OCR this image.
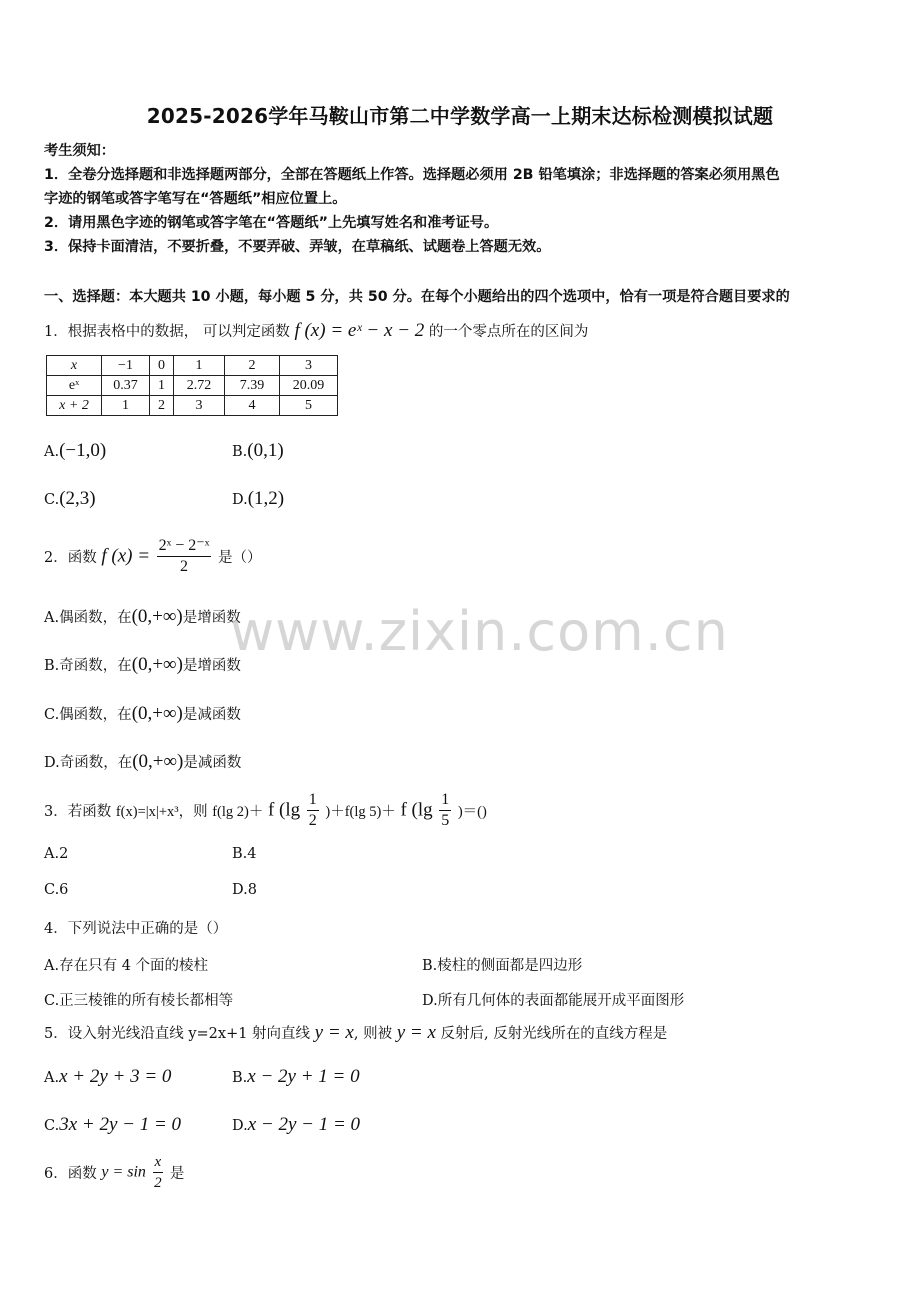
2025-2026学年马鞍山市第二中学数学高一上期末达标检测模拟试题
考生须知：
1．全卷分选择题和非选择题两部分，全部在答题纸上作答。选择题必须用 2B 铅笔填涂；非选择题的答案必须用黑色
字迹的钢笔或答字笔写在“答题纸”相应位置上。
2．请用黑色字迹的钢笔或答字笔在“答题纸”上先填写姓名和准考证号。
3．保持卡面清洁，不要折叠，不要弄破、弄皱，在草稿纸、试题卷上答题无效。
一、选择题：本大题共 10 小题，每小题 5 分，共 50 分。在每个小题给出的四个选项中，恰有一项是符合题目要求的
1．根据表格中的数据， 可以判定函数 f (x) = eˣ − x − 2 的一个零点所在的区间为
x	−1	0	1	2	3
eˣ	0.37	1	2.72	7.39	20.09
x + 2	1	2	3	4	5
A.(−1,0)	B.(0,1)
C.(2,3)	D.(1,2)
2．函数 f $(x) = \frac{\text{2ˣ − 2⁻ˣ}}{2}$ 是（）
A.偶函数，在(0,+∞)是增函数
B.奇函数，在(0,+∞)是增函数
C.偶函数，在(0,+∞)是减函数
D.奇函数，在(0,+∞)是减函数
3．若函数 f(x)=|x|+x³，则 f(lg 2)＋ f $(\lg \frac{1}{2} )+f(\lg$ 5)＋ f ($\lg \frac{1}{5}$ )＝()
A.2	B.4
C.6	D.8
4．下列说法中正确的是（）
A.存在只有 4 个面的棱柱	B.棱柱的侧面都是四边形
C.正三棱锥的所有棱长都相等	D.所有几何体的表面都能展开成平面图形
5．设入射光线沿直线 y=2x+1 射向直线 y = x, 则被 y = x 反射后, 反射光线所在的直线方程是
A.x + 2y + 3 = 0	B.x − 2y + 1 = 0
C.3x + 2y − 1 = 0	D.x − 2y − 1 = 0
6．函数 $y = \sin \frac{x}{2}$ 是
www.zixin.com.cn
